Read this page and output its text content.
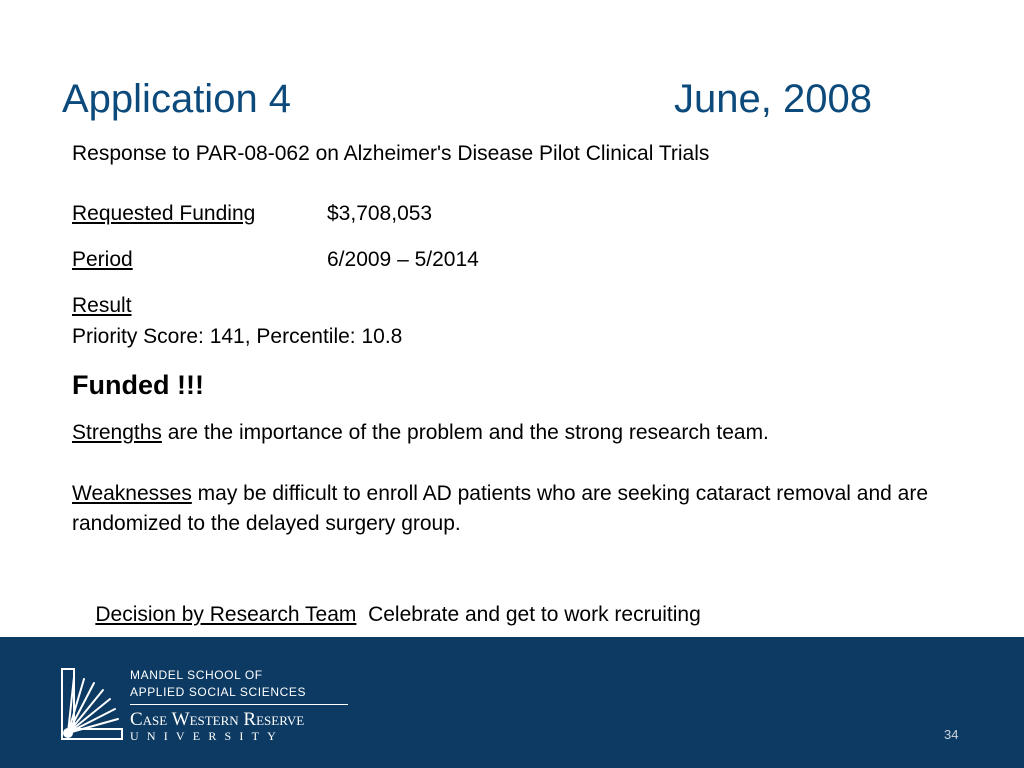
Application 4	June, 2008
Response to PAR-08-062 on Alzheimer's Disease Pilot Clinical Trials
Requested Funding	$3,708,053
Period	6/2009 – 5/2014
Result
Priority Score: 141, Percentile: 10.8
Funded !!!
Strengths are the importance of the problem and the strong research team.
Weaknesses may be difficult to enroll AD patients who are seeking cataract removal and are randomized to the delayed surgery group.

Decision by Research Team  Celebrate and get to work recruiting

MANDEL SCHOOL OF
APPLIED SOCIAL SCIENCES
Case Western Reserve
UNIVERSITY	34
